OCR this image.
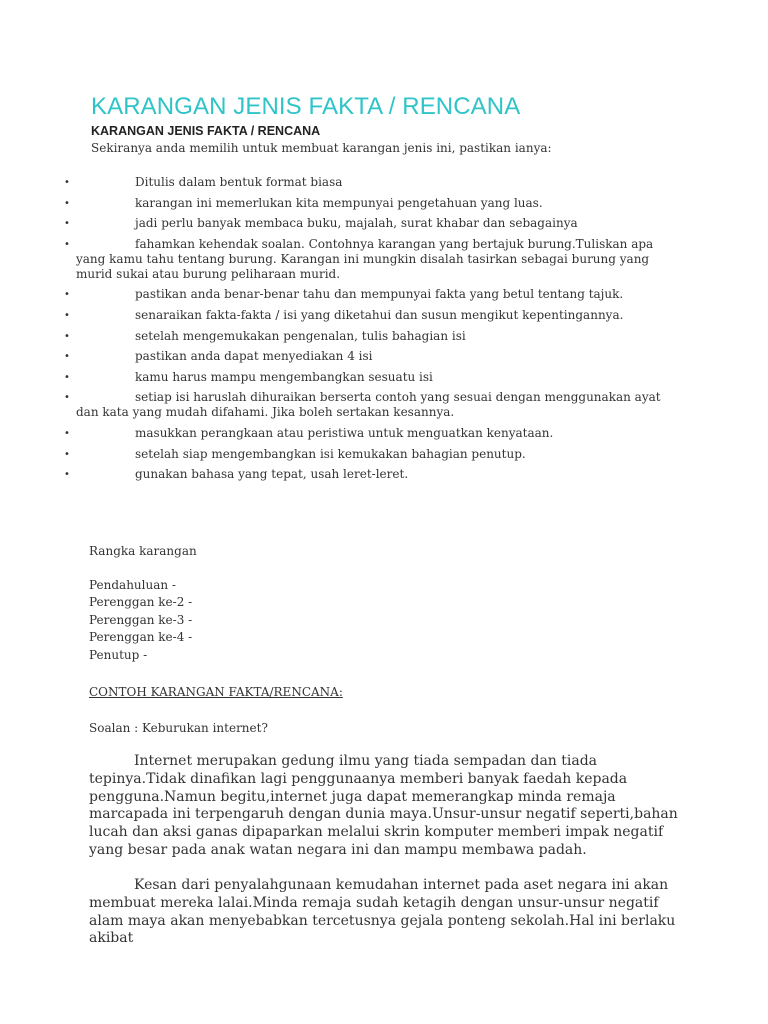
KARANGAN JENIS FAKTA / RENCANA
KARANGAN JENIS FAKTA / RENCANA

Sekiranya anda memilih untuk membuat karangan jenis ini, pastikan ianya:

•	Ditulis dalam bentuk format biasa
•	karangan ini memerlukan kita mempunyai pengetahuan yang luas.
•	jadi perlu banyak membaca buku, majalah, surat khabar dan sebagainya
•	fahamkan kehendak soalan. Contohnya karangan yang bertajuk burung.Tuliskan apa yang kamu tahu tentang burung. Karangan ini mungkin disalah tasirkan sebagai burung yang murid sukai atau burung peliharaan murid.
•	pastikan anda benar-benar tahu dan mempunyai fakta yang betul tentang tajuk.
•	senaraikan fakta-fakta / isi yang diketahui dan susun mengikut kepentingannya.
•	setelah mengemukakan pengenalan, tulis bahagian isi
•	pastikan anda dapat menyediakan 4 isi
•	kamu harus mampu mengembangkan sesuatu isi
•	setiap isi haruslah dihuraikan berserta contoh yang sesuai dengan menggunakan ayat dan kata yang mudah difahami. Jika boleh sertakan kesannya.
•	masukkan perangkaan atau peristiwa untuk menguatkan kenyataan.
•	setelah siap mengembangkan isi kemukakan bahagian penutup.
•	gunakan bahasa yang tepat, usah leret-leret.

Rangka karangan

Pendahuluan -
Perenggan ke-2 -
Perenggan ke-3 -
Perenggan ke-4 -
Penutup -

CONTOH KARANGAN FAKTA/RENCANA:

Soalan : Keburukan internet?

Internet merupakan gedung ilmu yang tiada sempadan dan tiada tepinya.Tidak dinafikan lagi penggunaanya memberi banyak faedah kepada pengguna.Namun begitu,internet juga dapat memerangkap minda remaja marcapada ini terpengaruh dengan dunia maya.Unsur-unsur negatif seperti,bahan lucah dan aksi ganas dipaparkan melalui skrin komputer memberi impak negatif yang besar pada anak watan negara ini dan mampu membawa padah.

Kesan dari penyalahgunaan kemudahan internet pada aset negara ini akan membuat mereka lalai.Minda remaja sudah ketagih dengan unsur-unsur negatif alam maya akan menyebabkan tercetusnya gejala ponteng sekolah.Hal ini berlaku akibat
